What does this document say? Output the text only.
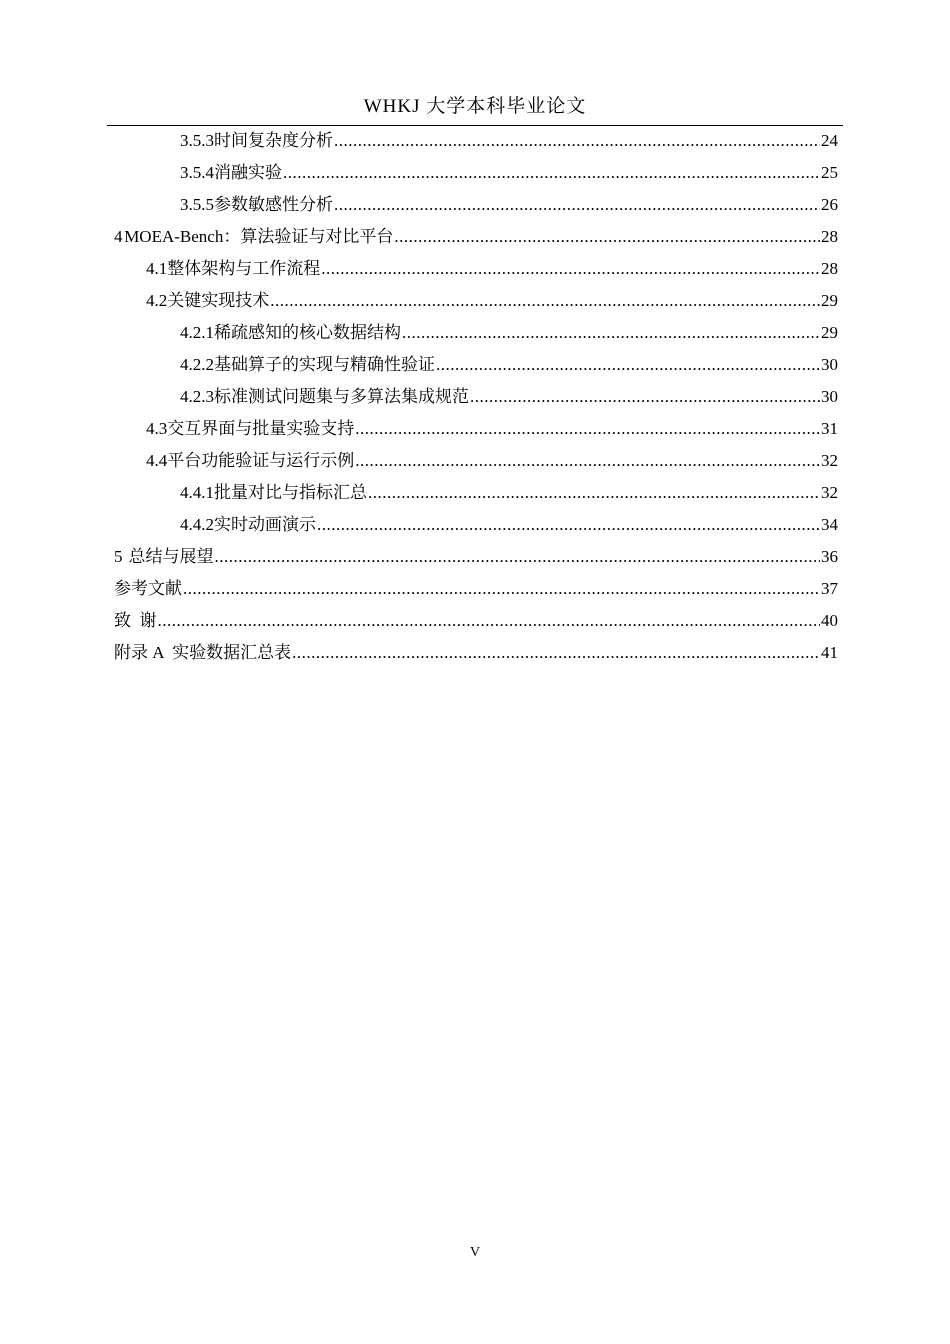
WHKJ 大学本科毕业论文
3.5.3 时间复杂度分析 .....	24
3.5.4 消融实验 .....	25
3.5.5 参数敏感性分析 .....	26
4 MOEA-Bench：算法验证与对比平台 .....	28
4.1 整体架构与工作流程 .....	28
4.2 关键实现技术 .....	29
4.2.1 稀疏感知的核心数据结构 .....	29
4.2.2 基础算子的实现与精确性验证 .....	30
4.2.3 标准测试问题集与多算法集成规范 .....	30
4.3 交互界面与批量实验支持 .....	31
4.4 平台功能验证与运行示例 .....	32
4.4.1 批量对比与指标汇总 .....	32
4.4.2 实时动画演示 .....	34
5 总结与展望 .....	36
参考文献 .....	37
致  谢 .....	40
附录 A  实验数据汇总表 .....	41
V
